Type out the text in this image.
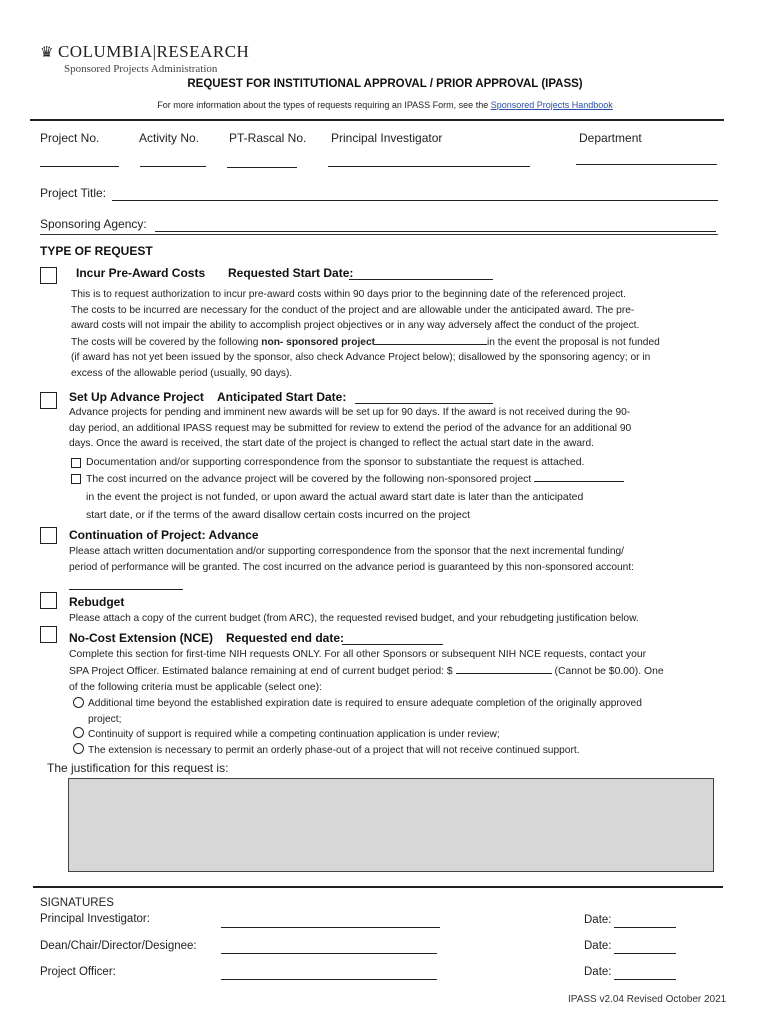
♛ COLUMBIA|RESEARCH
Sponsored Projects Administration
REQUEST FOR INSTITUTIONAL APPROVAL / PRIOR APPROVAL (IPASS)
For more information about the types of requests requiring an IPASS Form, see the Sponsored Projects Handbook
Project No.	Activity No. PT-Rascal No. Principal Investigator	Department
Project Title:
Sponsoring Agency:
TYPE OF REQUEST
Incur Pre-Award Costs Requested Start Date:
This is to request authorization to incur pre-award costs within 90 days prior to the beginning date of the referenced project.
The costs to be incurred are necessary for the conduct of the project and are allowable under the anticipated award. The pre-
award costs will not impair the ability to accomplish project objectives or in any way adversely affect the conduct of the project.
The costs will be covered by the following non- sponsored project	in the event the proposal is not funded
(if award has not yet been issued by the sponsor, also check Advance Project below); disallowed by the sponsoring agency; or in
excess of the allowable period (usually, 90 days).
Set Up Advance Project Anticipated Start Date:
Advance projects for pending and imminent new awards will be set up for 90 days. If the award is not received during the 90-
day period, an additional IPASS request may be submitted for review to extend the period of the advance for an additional 90
days. Once the award is received, the start date of the project is changed to reflect the actual start date in the award.
Documentation and/or supporting correspondence from the sponsor to substantiate the request is attached.
The cost incurred on the advance project will be covered by the following non-sponsored project
in the event the project is not funded, or upon award the actual award start date is later than the anticipated
start date, or if the terms of the award disallow certain costs incurred on the project
Continuation of Project: Advance
Please attach written documentation and/or supporting correspondence from the sponsor that the next incremental funding/
period of performance will be granted. The cost incurred on the advance period is guaranteed by this non-sponsored account:
Rebudget
Please attach a copy of the current budget (from ARC), the requested revised budget, and your rebudgeting justification below.
No-Cost Extension (NCE) Requested end date:
Complete this section for first-time NIH requests ONLY. For all other Sponsors or subsequent NIH NCE requests, contact your
SPA Project Officer. Estimated balance remaining at end of current budget period: $	(Cannot be $0.00). One
of the following criteria must be applicable (select one):
Additional time beyond the established expiration date is required to ensure adequate completion of the originally approved
project;
Continuity of support is required while a competing continuation application is under review;
The extension is necessary to permit an orderly phase-out of a project that will not receive continued support.
The justification for this request is:
SIGNATURES
Principal Investigator:	Date:
Dean/Chair/Director/Designee:	Date:
Project Officer:	Date:
IPASS v2.04 Revised October 2021
